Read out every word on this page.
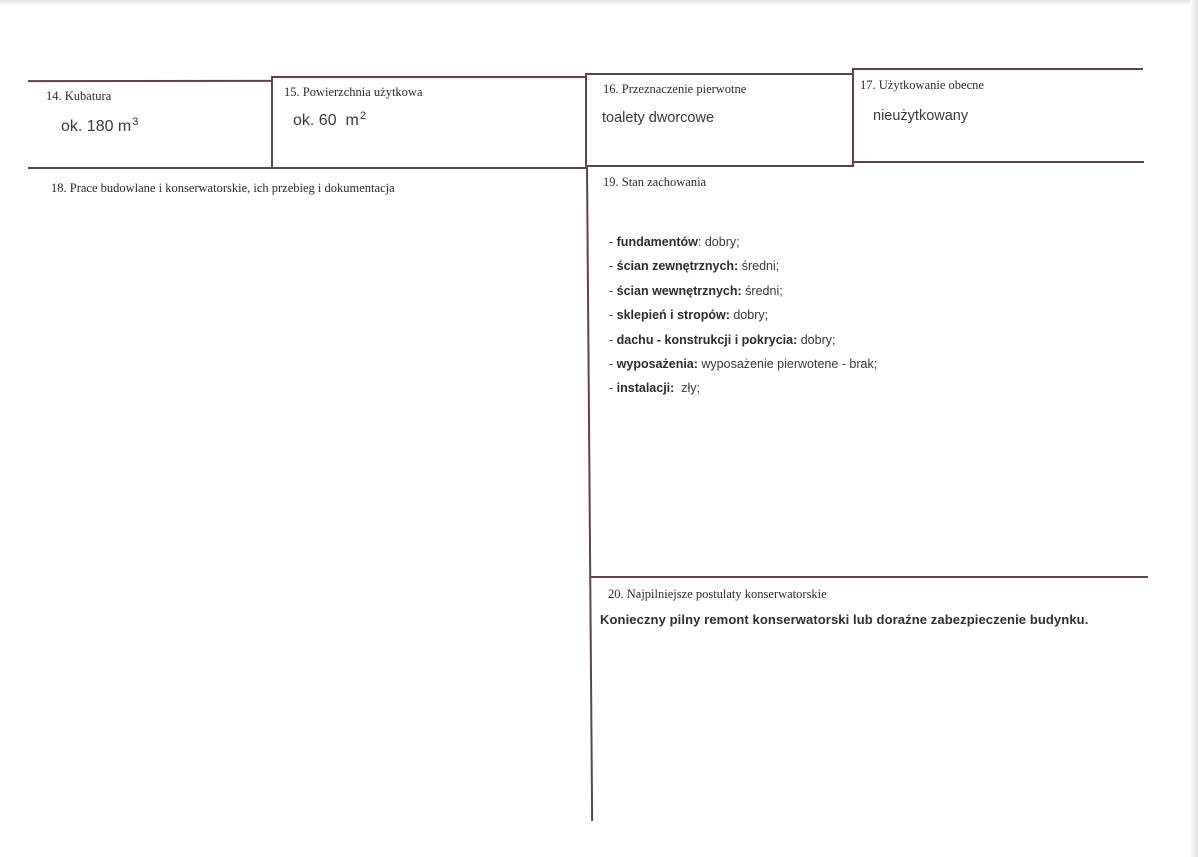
14. Kubatura
ok. 180 $m^3$
15. Powierzchnia użytkowa
ok. 60  $m^2$
16. Przeznaczenie pierwotne
toalety dworcowe
17. Użytkowanie obecne
nieużytkowany
18. Prace budowlane i konserwatorskie, ich przebieg i dokumentacja	19. Stan zachowania
- fundamentów: dobry;
- ścian zewnętrznych: średni;
- ścian wewnętrznych: średni;
- sklepień i stropów: dobry;
- dachu - konstrukcji i pokrycia: dobry;
- wyposażenia: wyposażenie pierwotene - brak;
- instalacji: zły;
20. Najpilniejsze postulaty konserwatorskie
Konieczny pilny remont konserwatorski lub doraźne zabezpieczenie budynku.
